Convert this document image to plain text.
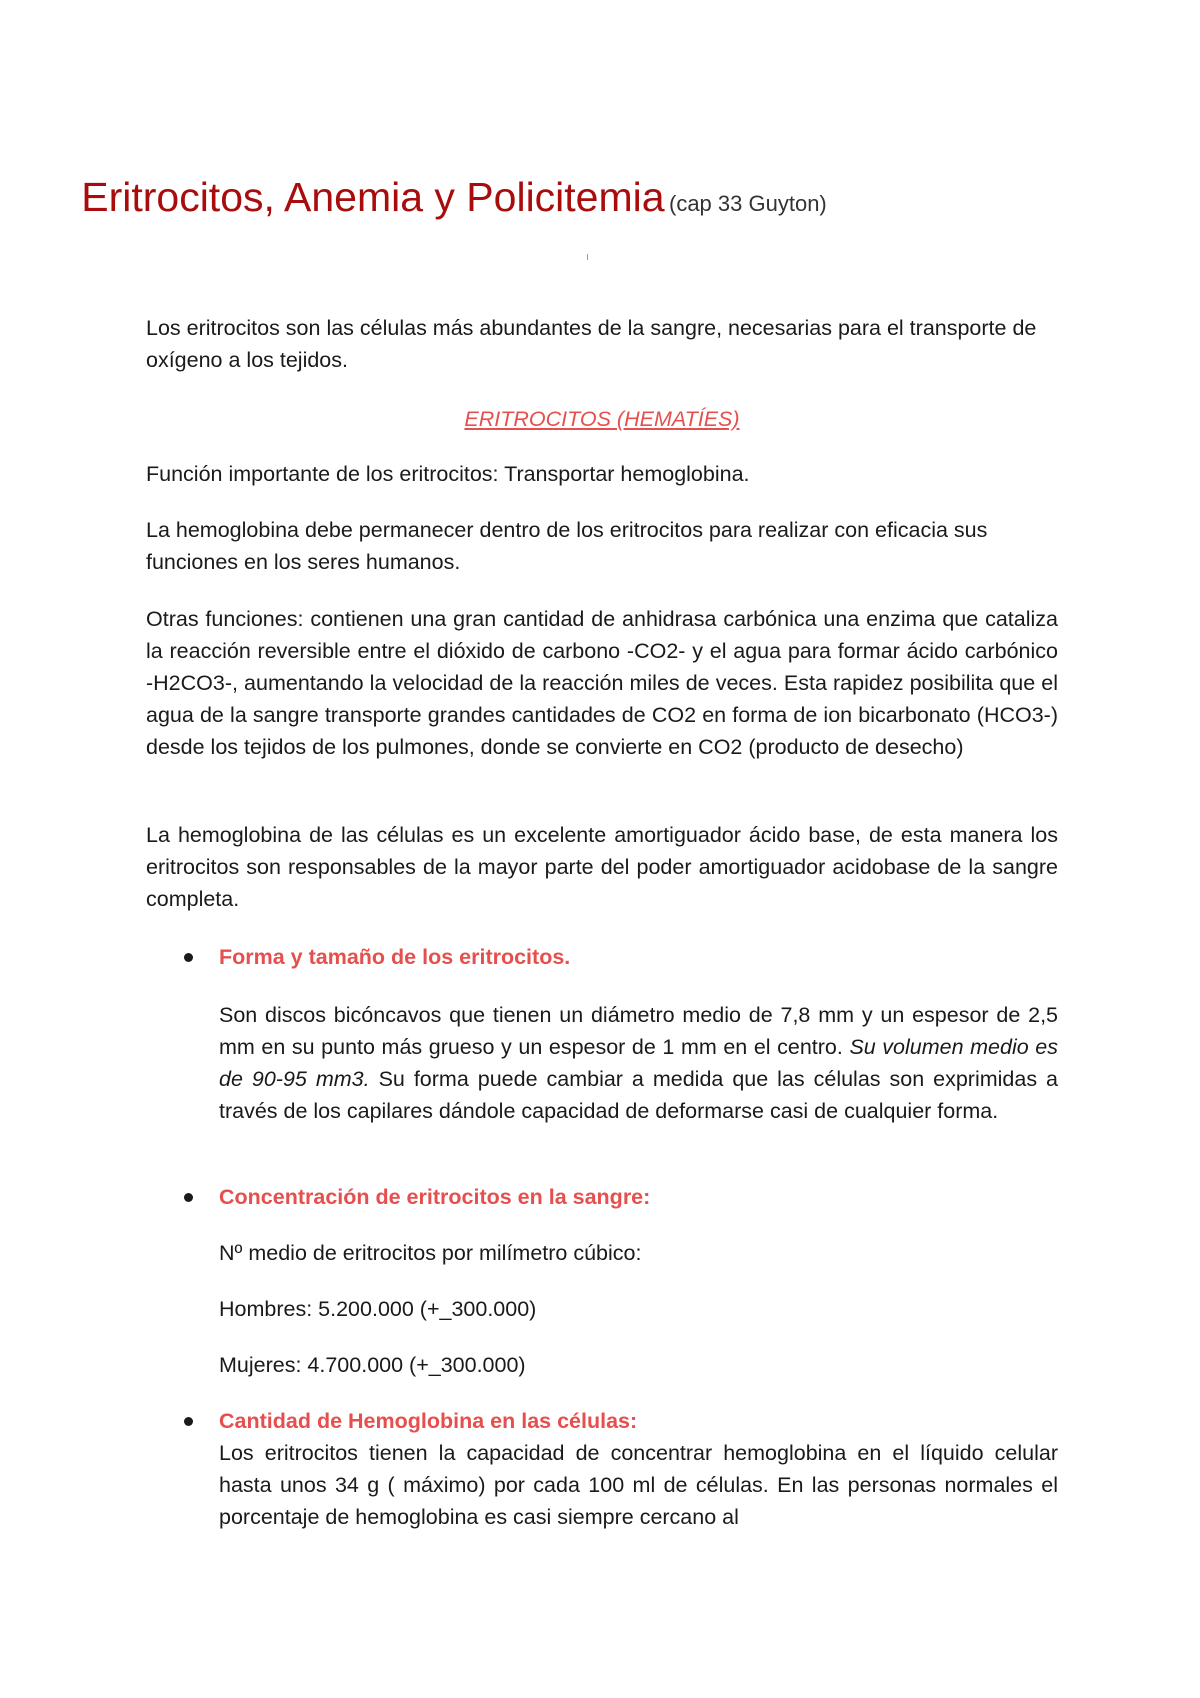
Eritrocitos, Anemia y Policitemia (cap 33 Guyton)

Los eritrocitos son las células más abundantes de la sangre, necesarias para el transporte de oxígeno a los tejidos.

ERITROCITOS (HEMATÍES)

Función importante de los eritrocitos: Transportar hemoglobina.

La hemoglobina debe permanecer dentro de los eritrocitos para realizar con eficacia sus funciones en los seres humanos.

Otras funciones: contienen una gran cantidad de anhidrasa carbónica una enzima que cataliza la reacción reversible entre el dióxido de carbono -CO2- y el agua para formar ácido carbónico -H2CO3-, aumentando la velocidad de la reacción miles de veces. Esta rapidez posibilita que el agua de la sangre transporte grandes cantidades de CO2 en forma de ion bicarbonato (HCO3-) desde los tejidos de los pulmones, donde se convierte en CO2 (producto de desecho)

La hemoglobina de las células es un excelente amortiguador ácido base, de esta manera los eritrocitos son responsables de la mayor parte del poder amortiguador acidobase de la sangre completa.

Forma y tamaño de los eritrocitos.

Son discos bicóncavos que tienen un diámetro medio de 7,8 mm y un espesor de 2,5 mm en su punto más grueso y un espesor de 1 mm en el centro. Su volumen medio es de 90-95 mm3. Su forma puede cambiar a medida que las células son exprimidas a través de los capilares dándole capacidad de deformarse casi de cualquier forma.

Concentración de eritrocitos en la sangre:

Nº medio de eritrocitos por milímetro cúbico:

Hombres: 5.200.000 (+_300.000)

Mujeres: 4.700.000 (+_300.000)

Cantidad de Hemoglobina en las células:

Los eritrocitos tienen la capacidad de concentrar hemoglobina en el líquido celular hasta unos 34 g ( máximo) por cada 100 ml de células. En las personas normales el porcentaje de hemoglobina es casi siempre cercano al
